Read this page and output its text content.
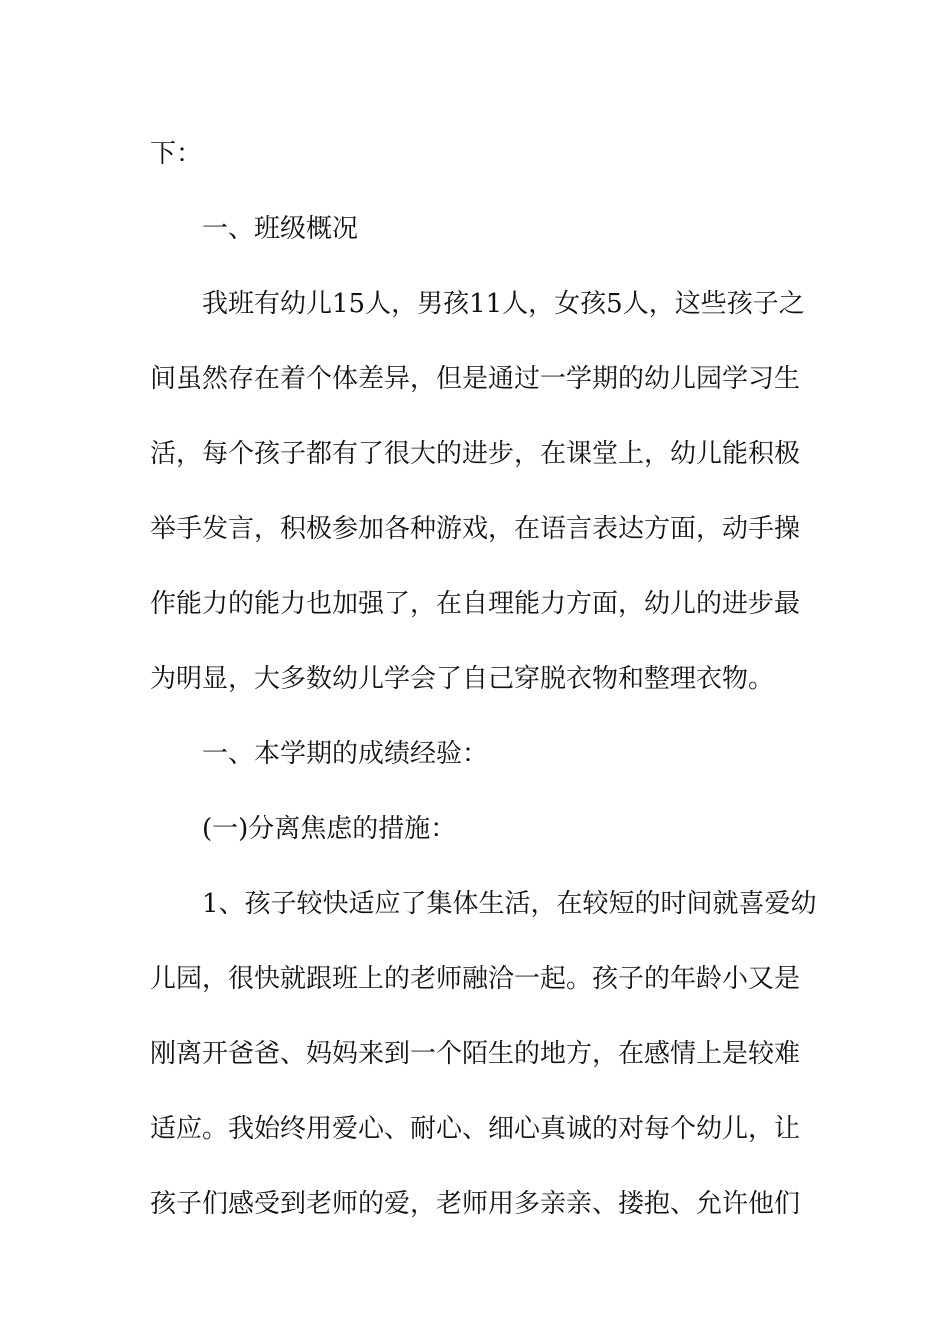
下：
一、班级概况
我班有幼儿15人，男孩11人，女孩5人，这些孩子之
间虽然存在着个体差异，但是通过一学期的幼儿园学习生
活，每个孩子都有了很大的进步，在课堂上，幼儿能积极
举手发言，积极参加各种游戏，在语言表达方面，动手操
作能力的能力也加强了，在自理能力方面，幼儿的进步最
为明显，大多数幼儿学会了自己穿脱衣物和整理衣物。
一、本学期的成绩经验：
(一)分离焦虑的措施：
1、孩子较快适应了集体生活，在较短的时间就喜爱幼
儿园，很快就跟班上的老师融洽一起。孩子的年龄小又是
刚离开爸爸、妈妈来到一个陌生的地方，在感情上是较难
适应。我始终用爱心、耐心、细心真诚的对每个幼儿，让
孩子们感受到老师的爱，老师用多亲亲、搂抱、允许他们
